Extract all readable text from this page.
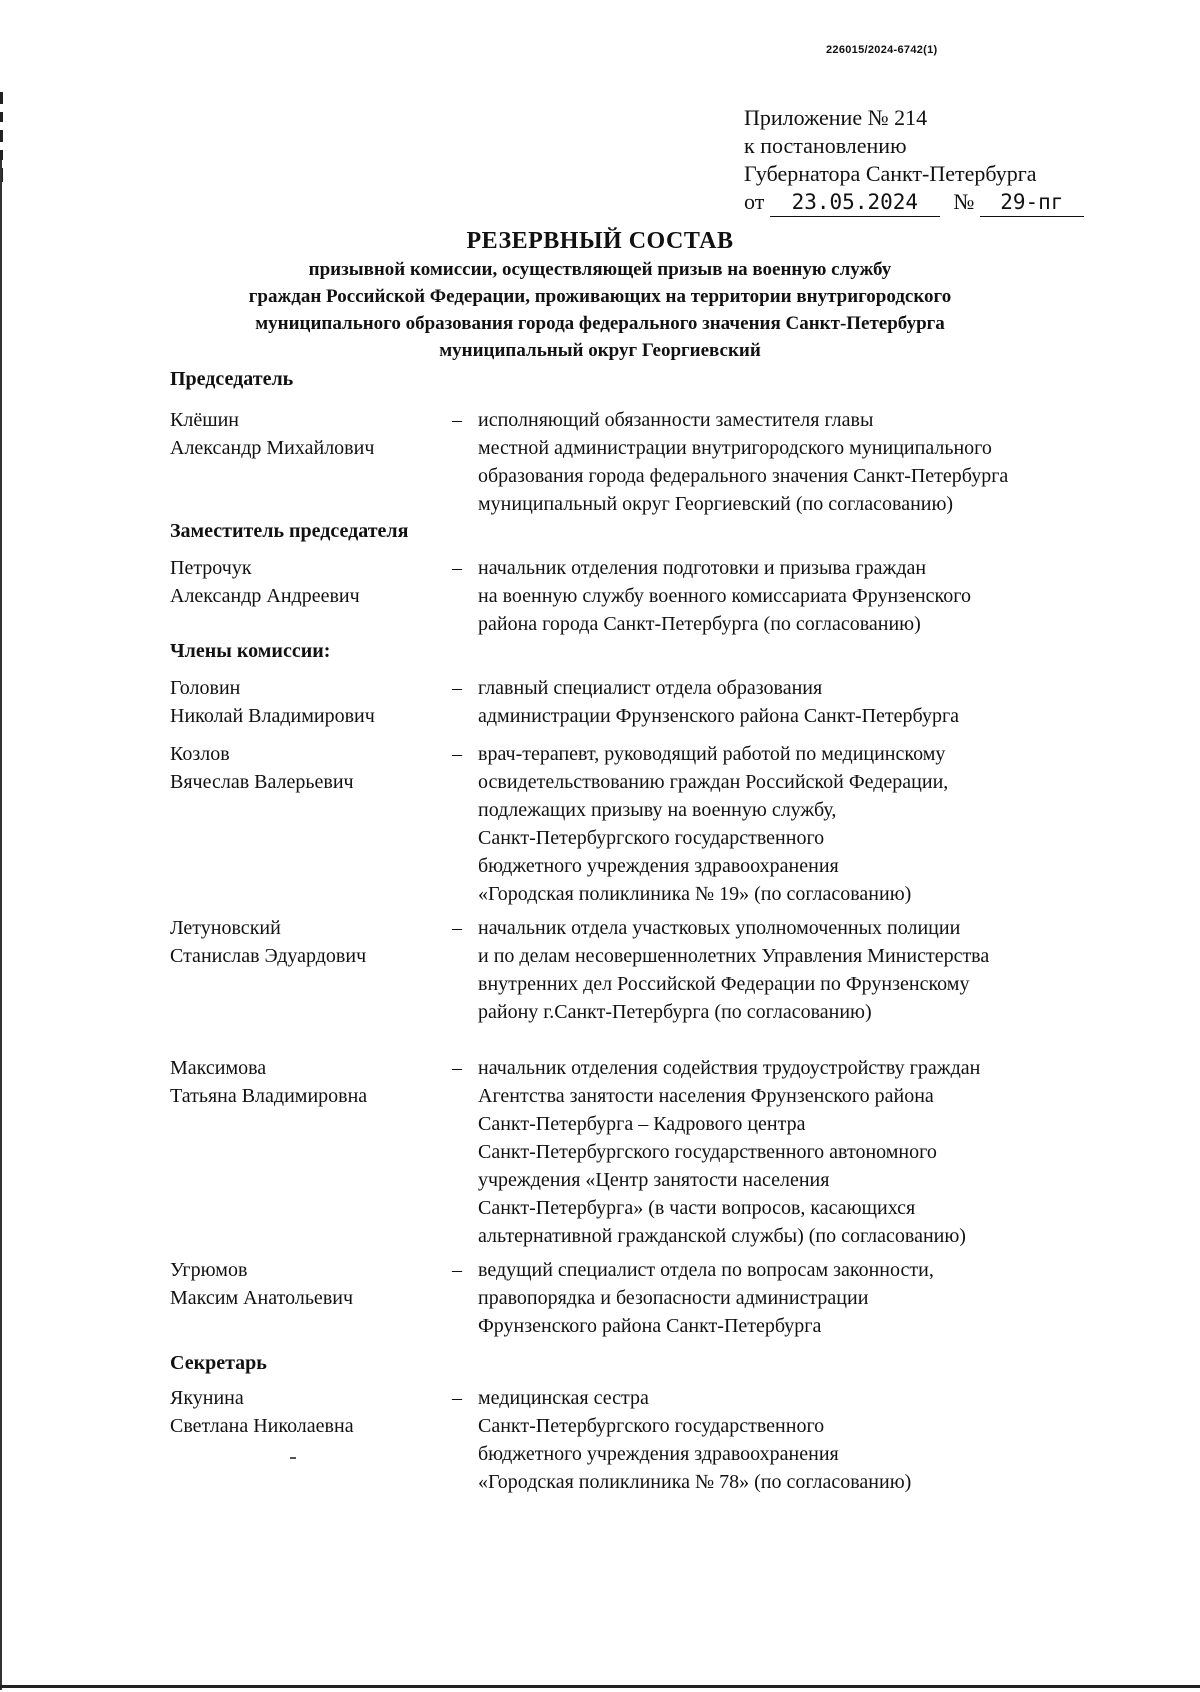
226015/2024-6742(1)
Приложение № 214
к постановлению
Губернатора Санкт-Петербурга
от 23.05.2024 № 29-пг
РЕЗЕРВНЫЙ СОСТАВ
призывной комиссии, осуществляющей призыв на военную службу
граждан Российской Федерации, проживающих на территории внутригородского
муниципального образования города федерального значения Санкт-Петербурга
муниципальный округ Георгиевский
Председатель
Клёшин
Александр Михайлович
– исполняющий обязанности заместителя главы
местной администрации внутригородского муниципального
образования города федерального значения Санкт-Петербурга
муниципальный округ Георгиевский (по согласованию)
Заместитель председателя
Петрочук
Александр Андреевич
– начальник отделения подготовки и призыва граждан
на военную службу военного комиссариата Фрунзенского
района города Санкт-Петербурга (по согласованию)
Члены комиссии:
Головин
Николай Владимирович
– главный специалист отдела образования
администрации Фрунзенского района Санкт-Петербурга
Козлов
Вячеслав Валерьевич
– врач-терапевт, руководящий работой по медицинскому
освидетельствованию граждан Российской Федерации,
подлежащих призыву на военную службу,
Санкт-Петербургского государственного
бюджетного учреждения здравоохранения
«Городская поликлиника № 19» (по согласованию)
Летуновский
Станислав Эдуардович
– начальник отдела участковых уполномоченных полиции
и по делам несовершеннолетних Управления Министерства
внутренних дел Российской Федерации по Фрунзенскому
району г.Санкт-Петербурга (по согласованию)
Максимова
Татьяна Владимировна
– начальник отделения содействия трудоустройству граждан
Агентства занятости населения Фрунзенского района
Санкт-Петербурга – Кадрового центра
Санкт-Петербургского государственного автономного
учреждения «Центр занятости населения
Санкт-Петербурга» (в части вопросов, касающихся
альтернативной гражданской службы) (по согласованию)
Угрюмов
Максим Анатольевич
– ведущий специалист отдела по вопросам законности,
правопорядка и безопасности администрации
Фрунзенского района Санкт-Петербурга
Секретарь
Якунина
Светлана Николаевна
– медицинская сестра
Санкт-Петербургского государственного
бюджетного учреждения здравоохранения
«Городская поликлиника № 78» (по согласованию)
